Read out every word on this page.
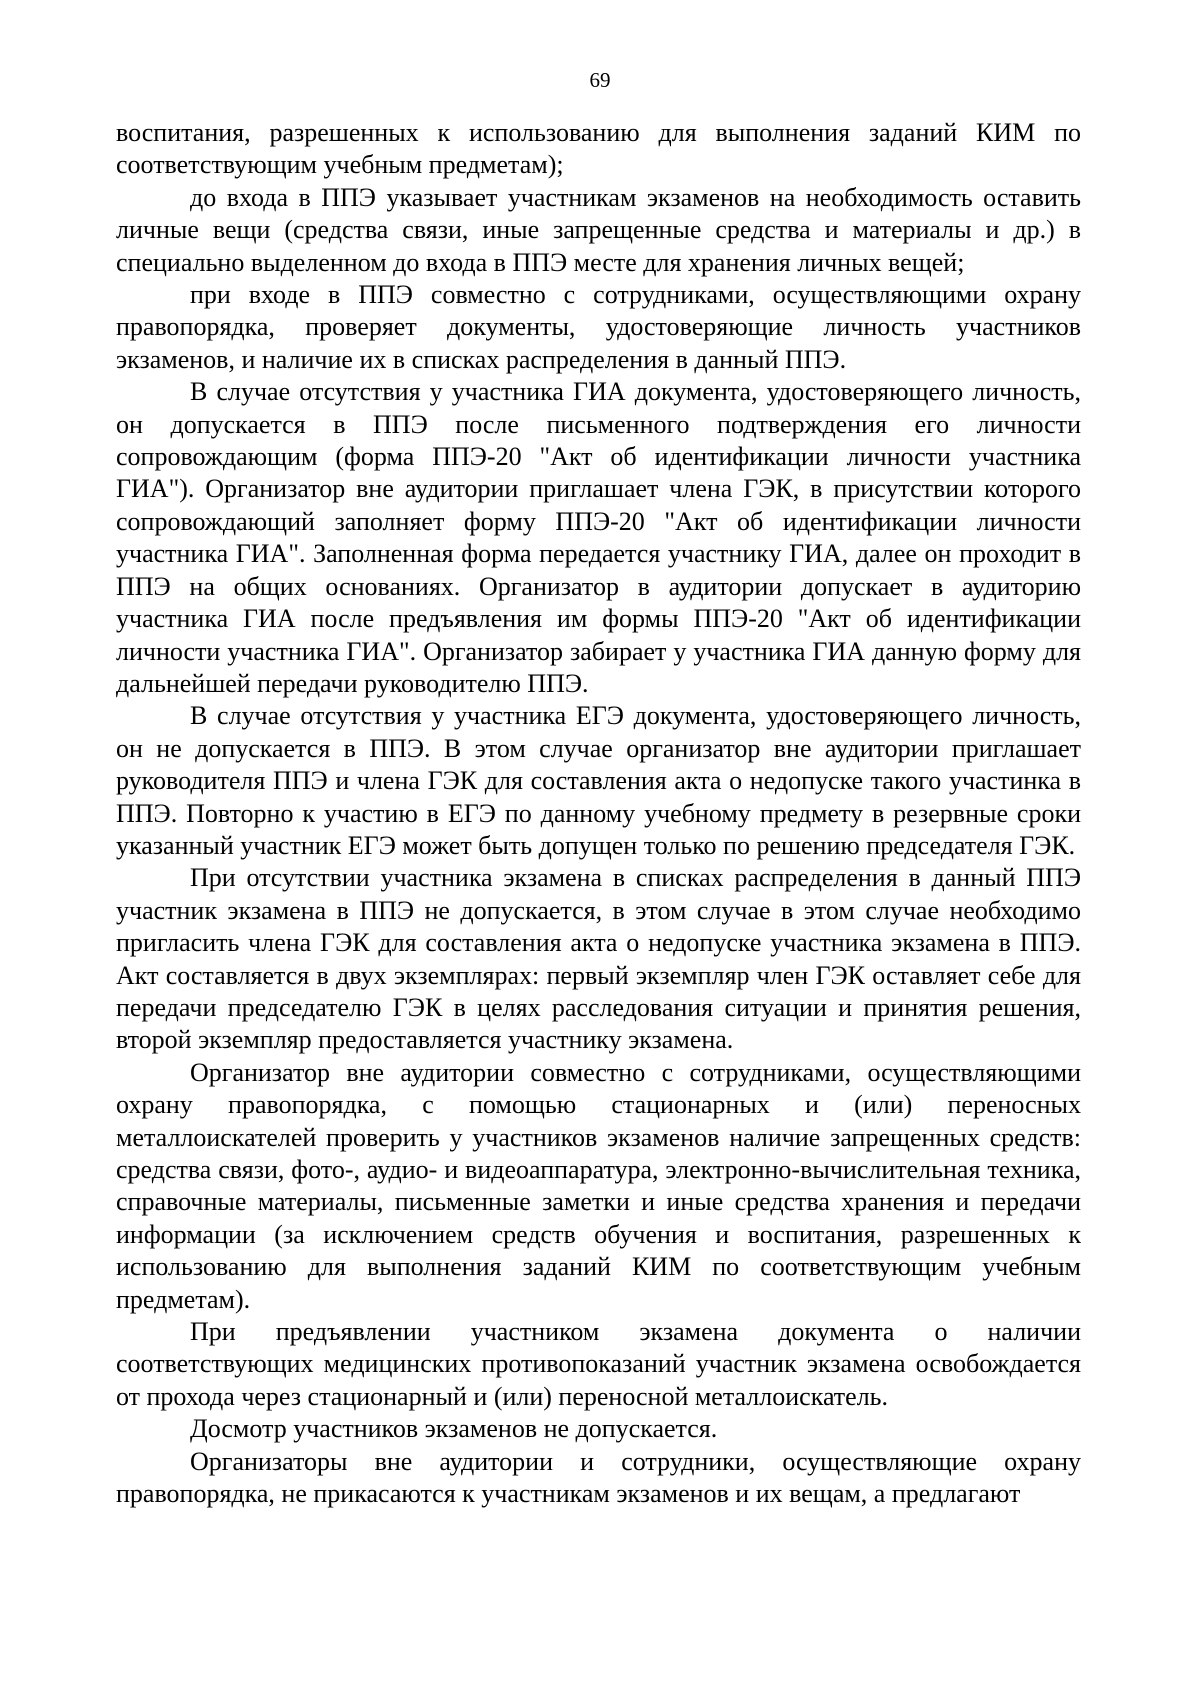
69

воспитания, разрешенных к использованию для выполнения заданий КИМ по соответствующим учебным предметам);

до входа в ППЭ указывает участникам экзаменов на необходимость оставить личные вещи (средства связи, иные запрещенные средства и материалы и др.) в специально выделенном до входа в ППЭ месте для хранения личных вещей;

при входе в ППЭ совместно с сотрудниками, осуществляющими охрану правопорядка, проверяет документы, удостоверяющие личность участников экзаменов, и наличие их в списках распределения в данный ППЭ.

В случае отсутствия у участника ГИА документа, удостоверяющего личность, он допускается в ППЭ после письменного подтверждения его личности сопровождающим (форма ППЭ-20 "Акт об идентификации личности участника ГИА"). Организатор вне аудитории приглашает члена ГЭК, в присутствии которого сопровождающий заполняет форму ППЭ-20 "Акт об идентификации личности участника ГИА". Заполненная форма передается участнику ГИА, далее он проходит в ППЭ на общих основаниях. Организатор в аудитории допускает в аудиторию участника ГИА после предъявления им формы ППЭ-20 "Акт об идентификации личности участника ГИА". Организатор забирает у участника ГИА данную форму для дальнейшей передачи руководителю ППЭ.

В случае отсутствия у участника ЕГЭ документа, удостоверяющего личность, он не допускается в ППЭ. В этом случае организатор вне аудитории приглашает руководителя ППЭ и члена ГЭК для составления акта о недопуске такого участинка в ППЭ. Повторно к участию в ЕГЭ по данному учебному предмету в резервные сроки указанный участник ЕГЭ может быть допущен только по решению председателя ГЭК.

При отсутствии участника экзамена в списках распределения в данный ППЭ участник экзамена в ППЭ не допускается, в этом случае в этом случае необходимо пригласить члена ГЭК для составления акта о недопуске участника экзамена в ППЭ. Акт составляется в двух экземплярах: первый экземпляр член ГЭК оставляет себе для передачи председателю ГЭК в целях расследования ситуации и принятия решения, второй экземпляр предоставляется участнику экзамена.

Организатор вне аудитории совместно с сотрудниками, осуществляющими охрану правопорядка, с помощью стационарных и (или) переносных металлоискателей проверить у участников экзаменов наличие запрещенных средств: средства связи, фото-, аудио- и видеоаппаратура, электронно-вычислительная техника, справочные материалы, письменные заметки и иные средства хранения и передачи информации (за исключением средств обучения и воспитания, разрешенных к использованию для выполнения заданий КИМ по соответствующим учебным предметам).

При предъявлении участником экзамена документа о наличии соответствующих медицинских противопоказаний участник экзамена освобождается от прохода через стационарный и (или) переносной металлоискатель.

Досмотр участников экзаменов не допускается.

Организаторы вне аудитории и сотрудники, осуществляющие охрану правопорядка, не прикасаются к участникам экзаменов и их вещам, а предлагают
